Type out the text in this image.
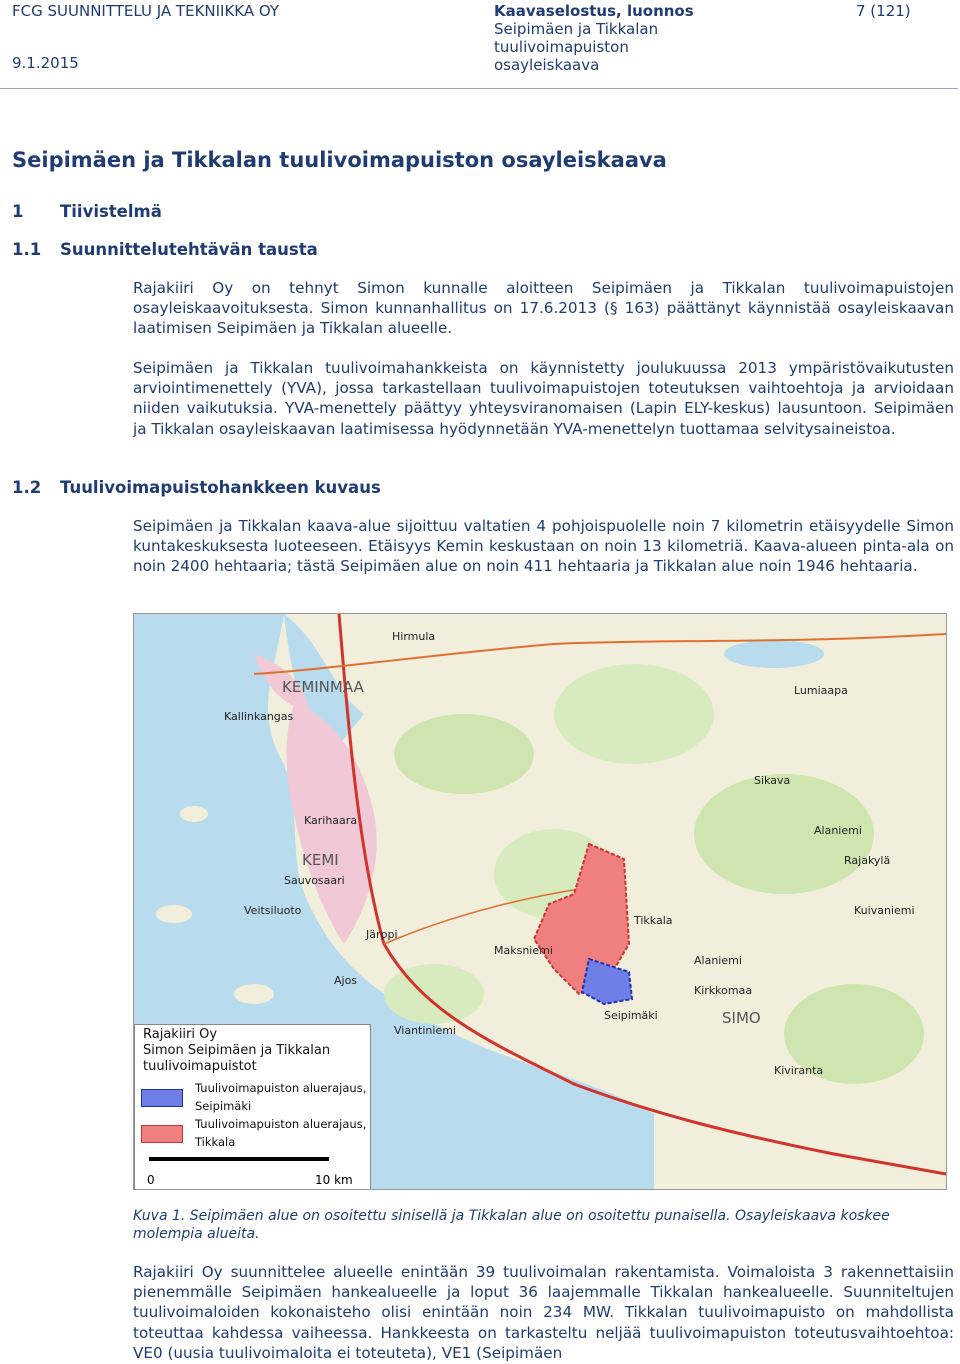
FCG SUUNNITTELU JA TEKNIIKKA OY
9.1.2015
Kaavaselostus, luonnos
Seipimäen ja Tikkalan
tuulivoimapuiston
osayleiskaava
7 (121)
Seipimäen ja Tikkalan tuulivoimapuiston osayleiskaava
1 Tiivistelmä
1.1 Suunnittelutehtävän tausta

Rajakiiri Oy on tehnyt Simon kunnalle aloitteen Seipimäen ja Tikkalan tuulivoimapuistojen osayleiskaavoituksesta. Simon kunnanhallitus on 17.6.2013 (§ 163) päättänyt käynnistää osayleiskaavan laatimisen Seipimäen ja Tikkalan alueelle.

Seipimäen ja Tikkalan tuulivoimahankkeista on käynnistetty joulukuussa 2013 ympäristövaikutusten arviointimenettely (YVA), jossa tarkastellaan tuulivoimapuistojen toteutuksen vaihtoehtoja ja arvioidaan niiden vaikutuksia. YVA-menettely päättyy yhteysviranomaisen (Lapin ELY-keskus) lausuntoon. Seipimäen ja Tikkalan osayleiskaavan laatimisessa hyödynnetään YVA-menettelyn tuottamaa selvitysaineistoa.

1.2 Tuulivoimapuistohankkeen kuvaus

Seipimäen ja Tikkalan kaava-alue sijoittuu valtatien 4 pohjoispuolelle noin 7 kilometrin etäisyydelle Simon kuntakeskuksesta luoteeseen. Etäisyys Kemin keskustaan on noin 13 kilometriä. Kaava-alueen pinta-ala on noin 2400 hehtaaria; tästä Seipimäen alue on noin 411 hehtaaria ja Tikkalan alue noin 1946 hehtaaria.

KEMINMAA
KEMI
SIMO
Lumiaapa
Hirmula
Kallinkangas
Alaniemi
Sauvosaari
Veitsiluoto
Ajos
Karihaara
Järppi
Alaniemi
Kuivaniemi
Rajakylä
Maksniemi
Viantiniemi
Tikkala
Seipimäki
Sikava
Kirkkomaa
Kiviranta
Rajakiiri Oy
Simon Seipimäen ja Tikkalan
tuulivoimapuistot
Tuulivoimapuiston aluerajaus,
Seipimäki
Tuulivoimapuiston aluerajaus,
Tikkala
0	10 km
Kuva 1. Seipimäen alue on osoitettu sinisellä ja Tikkalan alue on osoitettu punaisella. Osayleiskaava koskee molempia alueita.

Rajakiiri Oy suunnittelee alueelle enintään 39 tuulivoimalan rakentamista. Voimaloista 3 rakennettaisiin pienemmälle Seipimäen hankealueelle ja loput 36 laajemmalle Tikkalan hankealueelle. Suunniteltujen tuulivoimaloiden kokonaisteho olisi enintään noin 234 MW. Tikkalan tuulivoimapuisto on mahdollista toteuttaa kahdessa vaiheessa. Hankkeesta on tarkasteltu neljää tuulivoimapuiston toteutusvaihtoehtoa: VE0 (uusia tuulivoimaloita ei toteuteta), VE1 (Seipimäen
